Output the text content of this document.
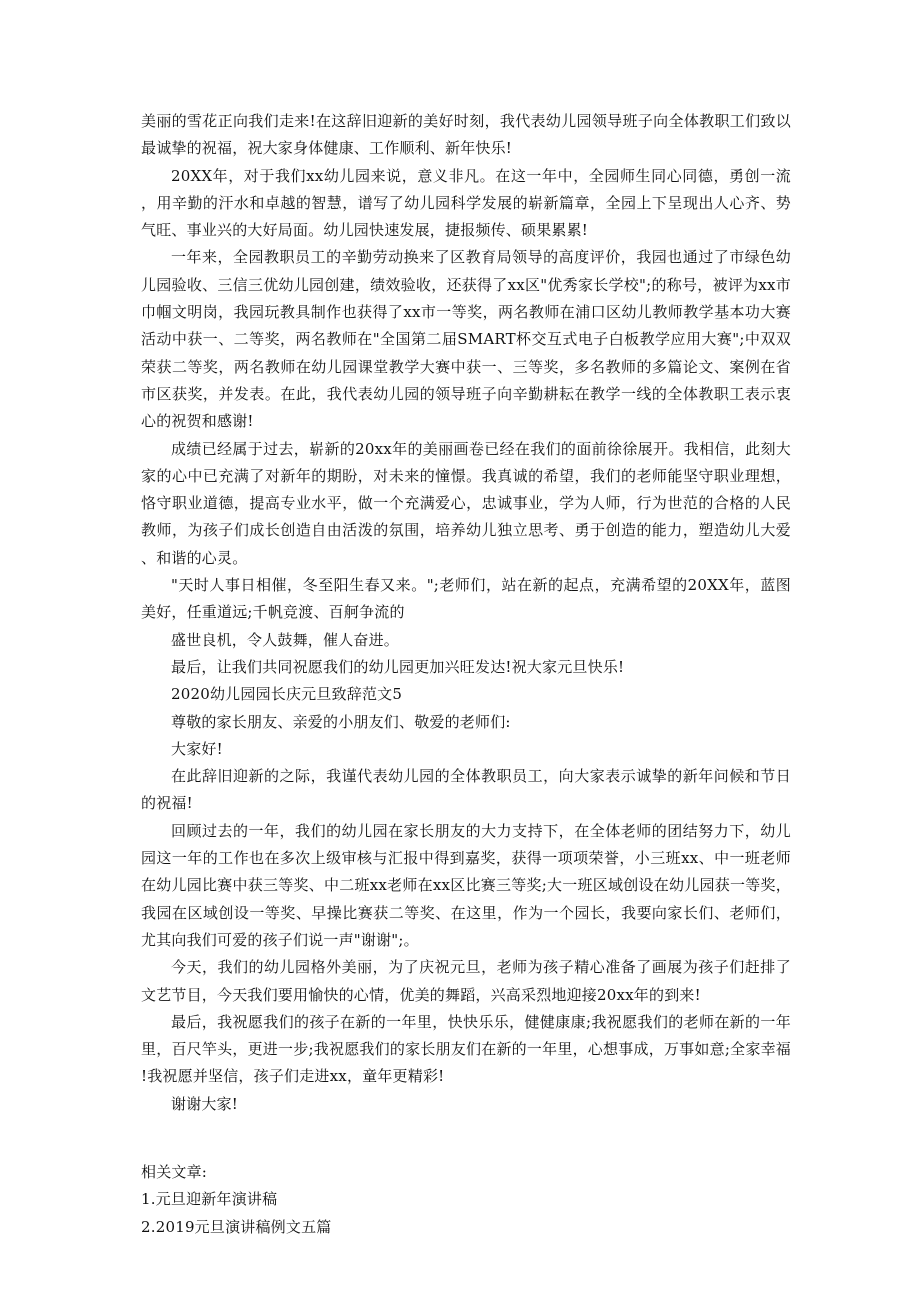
美丽的雪花正向我们走来!在这辞旧迎新的美好时刻，我代表幼儿园领导班子向全体教职工们致以最诚挚的祝福，祝大家身体健康、工作顺利、新年快乐!

20XX年，对于我们xx幼儿园来说，意义非凡。在这一年中，全园师生同心同德，勇创一流，用辛勤的汗水和卓越的智慧，谱写了幼儿园科学发展的崭新篇章，全园上下呈现出人心齐、势气旺、事业兴的大好局面。幼儿园快速发展，捷报频传、硕果累累!

一年来，全园教职员工的辛勤劳动换来了区教育局领导的高度评价，我园也通过了市绿色幼儿园验收、三信三优幼儿园创建，绩效验收，还获得了xx区"优秀家长学校";的称号，被评为xx市巾帼文明岗，我园玩教具制作也获得了xx市一等奖，两名教师在浦口区幼儿教师教学基本功大赛活动中获一、二等奖，两名教师在"全国第二届SMART杯交互式电子白板教学应用大赛";中双双荣获二等奖，两名教师在幼儿园课堂教学大赛中获一、三等奖，多名教师的多篇论文、案例在省市区获奖，并发表。在此，我代表幼儿园的领导班子向辛勤耕耘在教学一线的全体教职工表示衷心的祝贺和感谢!

成绩已经属于过去，崭新的20xx年的美丽画卷已经在我们的面前徐徐展开。我相信，此刻大家的心中已充满了对新年的期盼，对未来的憧憬。我真诚的希望，我们的老师能坚守职业理想，恪守职业道德，提高专业水平，做一个充满爱心，忠诚事业，学为人师，行为世范的合格的人民教师，为孩子们成长创造自由活泼的氛围，培养幼儿独立思考、勇于创造的能力，塑造幼儿大爱、和谐的心灵。

"天时人事日相催，冬至阳生春又来。";老师们，站在新的起点，充满希望的20XX年，蓝图美好，任重道远;千帆竞渡、百舸争流的

盛世良机，令人鼓舞，催人奋进。

最后，让我们共同祝愿我们的幼儿园更加兴旺发达!祝大家元旦快乐!

2020幼儿园园长庆元旦致辞范文5

尊敬的家长朋友、亲爱的小朋友们、敬爱的老师们:

大家好!

在此辞旧迎新的之际，我谨代表幼儿园的全体教职员工，向大家表示诚挚的新年问候和节日的祝福!

回顾过去的一年，我们的幼儿园在家长朋友的大力支持下，在全体老师的团结努力下，幼儿园这一年的工作也在多次上级审核与汇报中得到嘉奖，获得一项项荣誉，小三班xx、中一班老师在幼儿园比赛中获三等奖、中二班xx老师在xx区比赛三等奖;大一班区域创设在幼儿园获一等奖，我园在区域创设一等奖、早操比赛获二等奖、在这里，作为一个园长，我要向家长们、老师们，尤其向我们可爱的孩子们说一声"谢谢";。

今天，我们的幼儿园格外美丽，为了庆祝元旦，老师为孩子精心准备了画展为孩子们赶排了文艺节目，今天我们要用愉快的心情，优美的舞蹈，兴高采烈地迎接20xx年的到来!

最后，我祝愿我们的孩子在新的一年里，快快乐乐，健健康康;我祝愿我们的老师在新的一年里，百尺竿头，更进一步;我祝愿我们的家长朋友们在新的一年里，心想事成，万事如意;全家幸福!我祝愿并坚信，孩子们走进xx，童年更精彩!

谢谢大家!

相关文章:

1.元旦迎新年演讲稿

2.2019元旦演讲稿例文五篇
